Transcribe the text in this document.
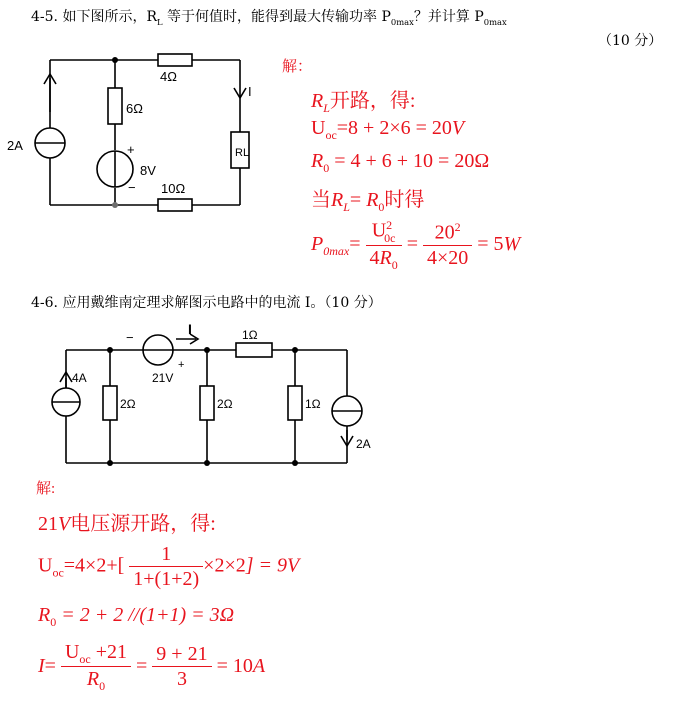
4-5. 如下图所示，$R_L$ 等于何值时，能得到最大传输功率 $P_{0max}$？并计算 $P_{0max}$
（10 分）
4Ω
6Ω
10Ω
8V
+
−
2A
I
RL
解：
$R_L$开路，得:
$U_{oc}=8 + 2\times 6 = 20V$
$R_0 = 4 + 6 + 10 = 20\Omega$
当$R_L= R_0$时得
$P_{0max}= \frac{U^2_{0c}}{4R_0} = \frac{20^2}{4\times 20} = 5W$
4-6. 应用戴维南定理求解图示电路中的电流 I。（10 分）
4A
2Ω	2Ω
1Ω
1Ω
21V
−
+
I
2A
解:
21V电压源开路，得:
$U_{oc}=4\times 2+[ \frac{1}{1+(1+2)} \times 2\times 2] = 9V$
$R_0 = 2 + 2$ //(1+1) = 3Ω
$I= \frac{U_{oc} +21}{R_0} = \frac{9 + 21}{3} = 10A$
